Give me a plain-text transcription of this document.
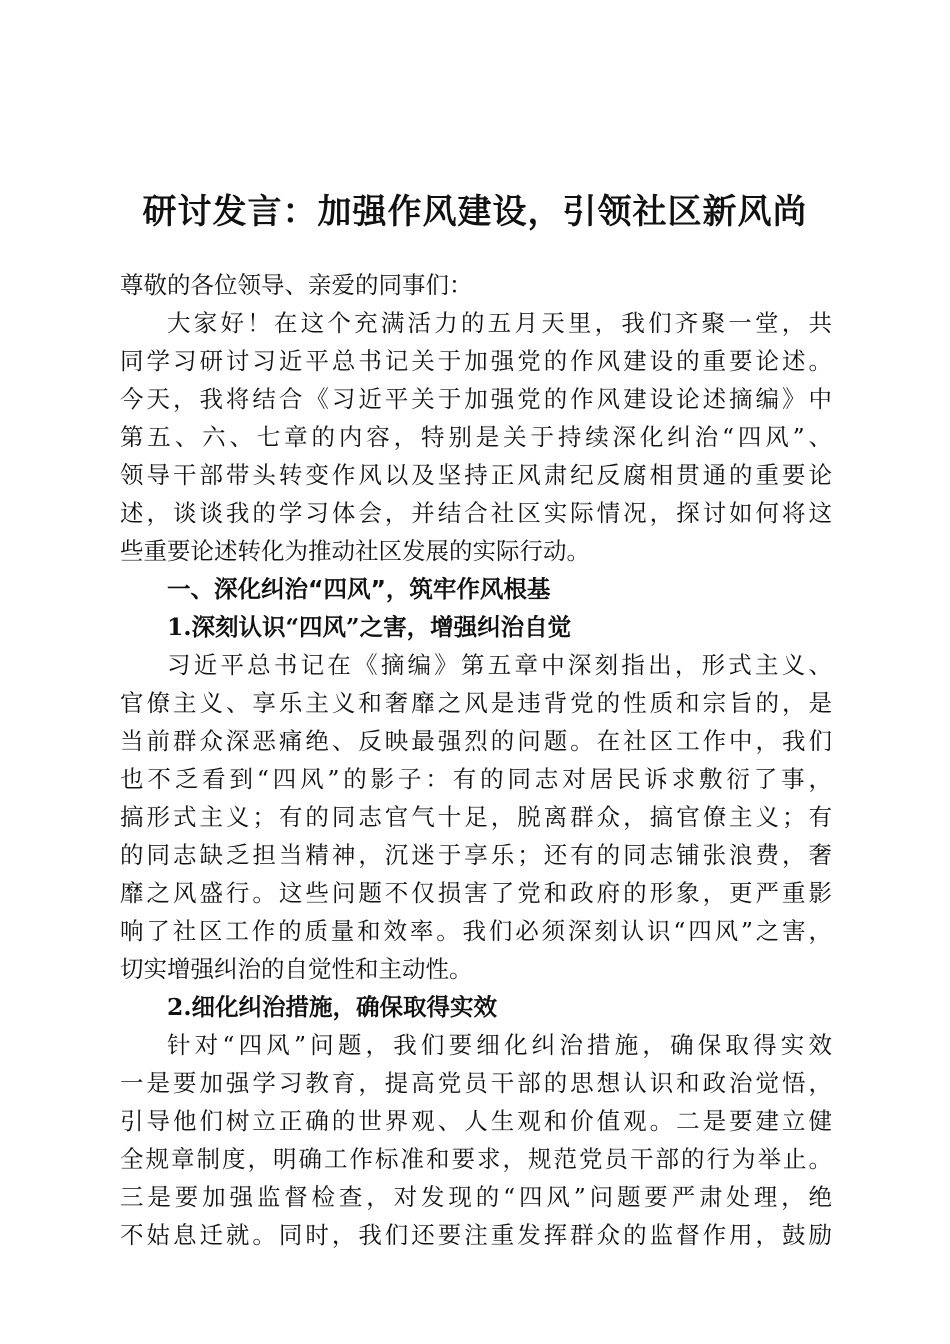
研讨发言：加强作风建设，引领社区新风尚
尊敬的各位领导、亲爱的同事们：
大家好！在这个充满活力的五月天里，我们齐聚一堂，共
同学习研讨习近平总书记关于加强党的作风建设的重要论述。
今天，我将结合《习近平关于加强党的作风建设论述摘编》中
第五、六、七章的内容，特别是关于持续深化纠治“四风”、
领导干部带头转变作风以及坚持正风肃纪反腐相贯通的重要论
述，谈谈我的学习体会，并结合社区实际情况，探讨如何将这
些重要论述转化为推动社区发展的实际行动。
一、深化纠治“四风”，筑牢作风根基
1.深刻认识“四风”之害，增强纠治自觉
习近平总书记在《摘编》第五章中深刻指出，形式主义、
官僚主义、享乐主义和奢靡之风是违背党的性质和宗旨的，是
当前群众深恶痛绝、反映最强烈的问题。在社区工作中，我们
也不乏看到“四风”的影子：有的同志对居民诉求敷衍了事，
搞形式主义；有的同志官气十足，脱离群众，搞官僚主义；有
的同志缺乏担当精神，沉迷于享乐；还有的同志铺张浪费，奢
靡之风盛行。这些问题不仅损害了党和政府的形象，更严重影
响了社区工作的质量和效率。我们必须深刻认识“四风”之害，
切实增强纠治的自觉性和主动性。
2.细化纠治措施，确保取得实效
针对“四风”问题，我们要细化纠治措施，确保取得实效
一是要加强学习教育，提高党员干部的思想认识和政治觉悟，
引导他们树立正确的世界观、人生观和价值观。二是要建立健
全规章制度，明确工作标准和要求，规范党员干部的行为举止。
三是要加强监督检查，对发现的“四风”问题要严肃处理，绝
不姑息迁就。同时，我们还要注重发挥群众的监督作用，鼓励
